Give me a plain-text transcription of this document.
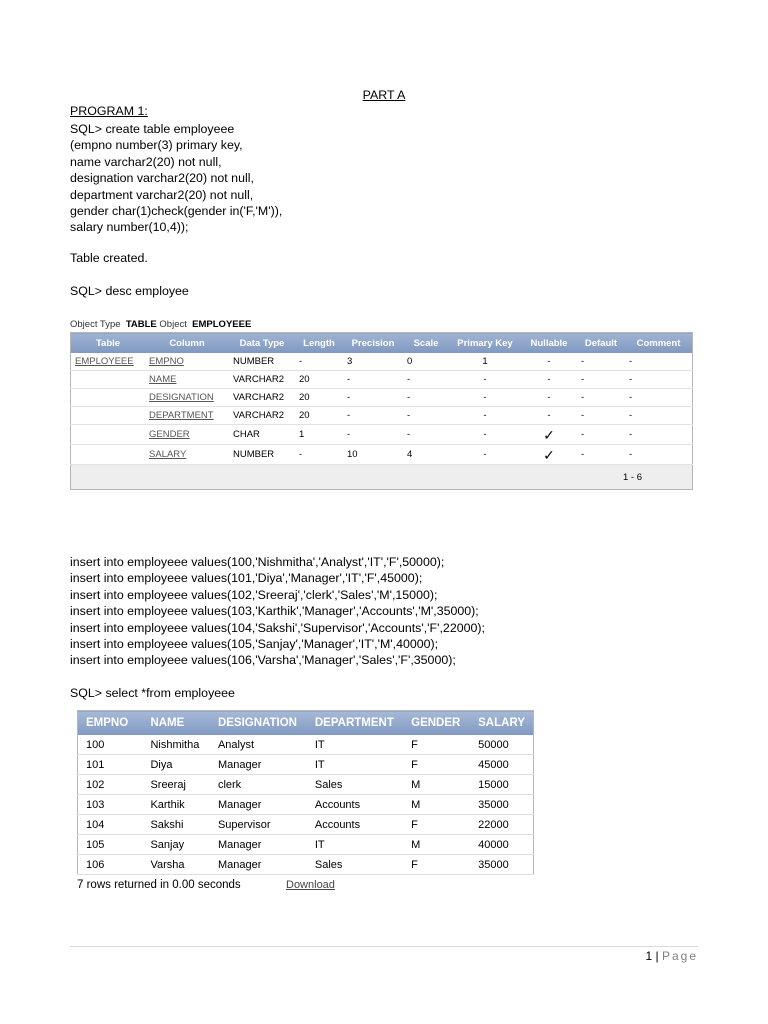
PART A
PROGRAM 1:
SQL> create table employeee
(empno number(3) primary key,
name varchar2(20) not null,
designation varchar2(20) not null,
department varchar2(20) not null,
gender char(1)check(gender in('F,'M')),
salary number(10,4));
Table created.
SQL> desc employee
Object Type TABLE Object EMPLOYEEE
Table	Column	Data Type	Length	Precision	Scale	Primary Key	Nullable	Default	Comment
EMPLOYEEE	EMPNO	NUMBER	-	3	0	1	-	-	-
	NAME	VARCHAR2	20	-	-	-	-	-	-
	DESIGNATION	VARCHAR2	20	-	-	-	-	-	-
	DEPARTMENT	VARCHAR2	20	-	-	-	-	-	-
	GENDER	CHAR	1	-	-	-	✓	-	-
	SALARY	NUMBER	-	10	4	-	✓	-	-
1 - 6									
insert into employeee values(100,'Nishmitha','Analyst','IT','F',50000);
insert into employeee values(101,'Diya','Manager','IT','F',45000);
insert into employeee values(102,'Sreeraj','clerk','Sales','M',15000);
insert into employeee values(103,'Karthik','Manager','Accounts','M',35000);
insert into employeee values(104,'Sakshi','Supervisor','Accounts','F',22000);
insert into employeee values(105,'Sanjay','Manager','IT','M',40000);
insert into employeee values(106,'Varsha','Manager','Sales','F',35000);
SQL> select *from employeee
EMPNO	NAME	DESIGNATION	DEPARTMENT	GENDER	SALARY
100	Nishmitha	Analyst	IT	F	50000
101	Diya	Manager	IT	F	45000
102	Sreeraj	clerk	Sales	M	15000
103	Karthik	Manager	Accounts	M	35000
104	Sakshi	Supervisor	Accounts	F	22000
105	Sanjay	Manager	IT	M	40000
106	Varsha	Manager	Sales	F	35000
7 rows returned in 0.00 seconds	Download
1 | Page
